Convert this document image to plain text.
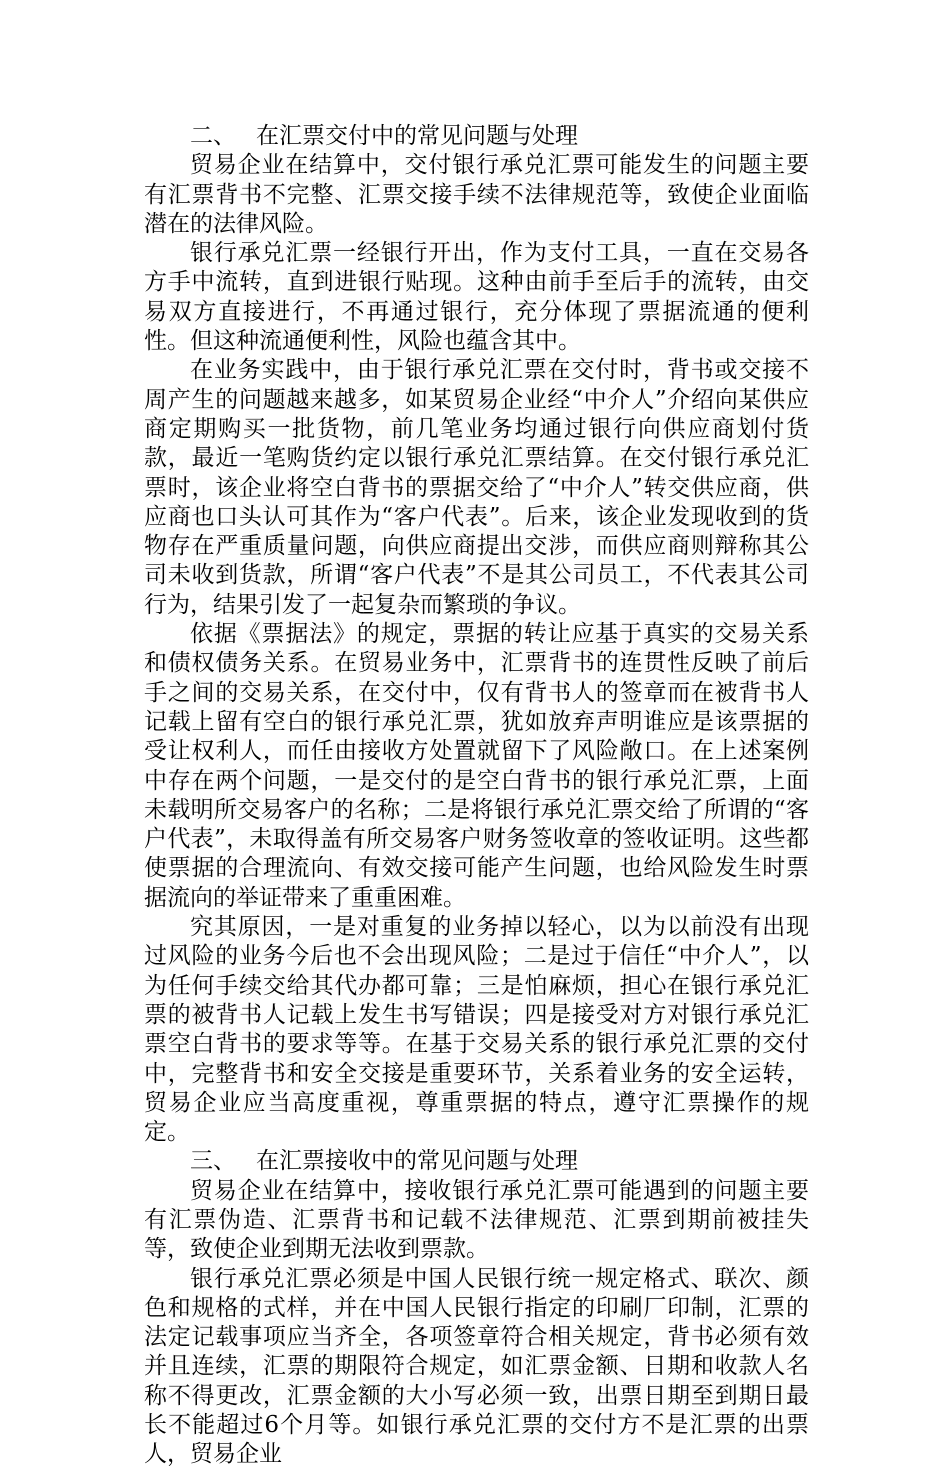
二、 在汇票交付中的常见问题与处理

贸易企业在结算中，交付银行承兑汇票可能发生的问题主要有汇票背书不完整、汇票交接手续不法律规范等，致使企业面临潜在的法律风险。

银行承兑汇票一经银行开出，作为支付工具，一直在交易各方手中流转，直到进银行贴现。这种由前手至后手的流转，由交易双方直接进行，不再通过银行，充分体现了票据流通的便利性。但这种流通便利性，风险也蕴含其中。

在业务实践中，由于银行承兑汇票在交付时，背书或交接不周产生的问题越来越多，如某贸易企业经“中介人”介绍向某供应商定期购买一批货物，前几笔业务均通过银行向供应商划付货款，最近一笔购货约定以银行承兑汇票结算。在交付银行承兑汇票时，该企业将空白背书的票据交给了“中介人”转交供应商，供应商也口头认可其作为“客户代表”。后来，该企业发现收到的货物存在严重质量问题，向供应商提出交涉，而供应商则辩称其公司未收到货款，所谓“客户代表”不是其公司员工，不代表其公司行为，结果引发了一起复杂而繁琐的争议。

依据《票据法》的规定，票据的转让应基于真实的交易关系和债权债务关系。在贸易业务中，汇票背书的连贯性反映了前后手之间的交易关系，在交付中，仅有背书人的签章而在被背书人记载上留有空白的银行承兑汇票，犹如放弃声明谁应是该票据的受让权利人，而任由接收方处置就留下了风险敞口。在上述案例中存在两个问题，一是交付的是空白背书的银行承兑汇票，上面未载明所交易客户的名称；二是将银行承兑汇票交给了所谓的“客户代表”，未取得盖有所交易客户财务签收章的签收证明。这些都使票据的合理流向、有效交接可能产生问题，也给风险发生时票据流向的举证带来了重重困难。

究其原因，一是对重复的业务掉以轻心，以为以前没有出现过风险的业务今后也不会出现风险；二是过于信任“中介人”，以为任何手续交给其代办都可靠；三是怕麻烦，担心在银行承兑汇票的被背书人记载上发生书写错误；四是接受对方对银行承兑汇票空白背书的要求等等。在基于交易关系的银行承兑汇票的交付中，完整背书和安全交接是重要环节，关系着业务的安全运转，贸易企业应当高度重视，尊重票据的特点，遵守汇票操作的规定。

三、 在汇票接收中的常见问题与处理

贸易企业在结算中，接收银行承兑汇票可能遇到的问题主要有汇票伪造、汇票背书和记载不法律规范、汇票到期前被挂失等，致使企业到期无法收到票款。

银行承兑汇票必须是中国人民银行统一规定格式、联次、颜色和规格的式样，并在中国人民银行指定的印刷厂印制，汇票的法定记载事项应当齐全，各项签章符合相关规定，背书必须有效并且连续，汇票的期限符合规定，如汇票金额、日期和收款人名称不得更改，汇票金额的大小写必须一致，出票日期至到期日最长不能超过6个月等。如银行承兑汇票的交付方不是汇票的出票人，贸易企业
